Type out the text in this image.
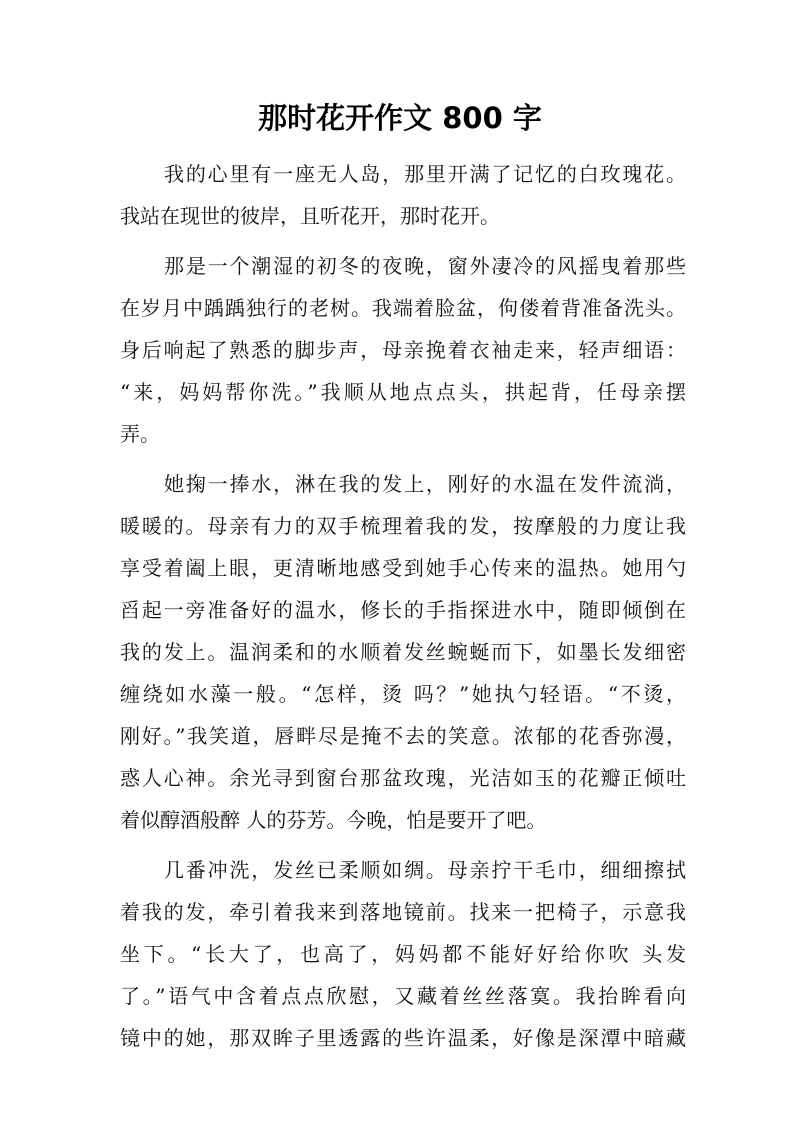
那时花开作文 800 字

我的心里有一座无人岛，那里开满了记忆的白玫瑰花。
我站在现世的彼岸，且听花开，那时花开。

那是一个潮湿的初冬的夜晚，窗外凄冷的风摇曳着那些
在岁月中踽踽独行的老树。我端着脸盆，佝偻着背准备洗头。
身后响起了熟悉的脚步声，母亲挽着衣袖走来，轻声细语：
“来，妈妈帮你洗。”我顺从地点点头，拱起背，任母亲摆
弄。

她掬一捧水，淋在我的发上，刚好的水温在发件流淌，
暖暖的。母亲有力的双手梳理着我的发，按摩般的力度让我
享受着阖上眼，更清晰地感受到她手心传来的温热。她用勺
舀起一旁准备好的温水，修长的手指探进水中，随即倾倒在
我的发上。温润柔和的水顺着发丝蜿蜒而下，如墨长发细密
缠绕如水藻一般。“怎样，烫 吗？”她执勺轻语。“不烫，
刚好。”我笑道，唇畔尽是掩不去的笑意。浓郁的花香弥漫，
惑人心神。余光寻到窗台那盆玫瑰，光洁如玉的花瓣正倾吐
着似醇酒般醉 人的芬芳。今晚，怕是要开了吧。

几番冲洗，发丝已柔顺如绸。母亲拧干毛巾，细细擦拭
着我的发，牵引着我来到落地镜前。找来一把椅子，示意我
坐下。“长大了，也高了，妈妈都不能好好给你吹 头发
了。”语气中含着点点欣慰，又藏着丝丝落寞。我抬眸看向
镜中的她，那双眸子里透露的些许温柔，好像是深潭中暗藏
